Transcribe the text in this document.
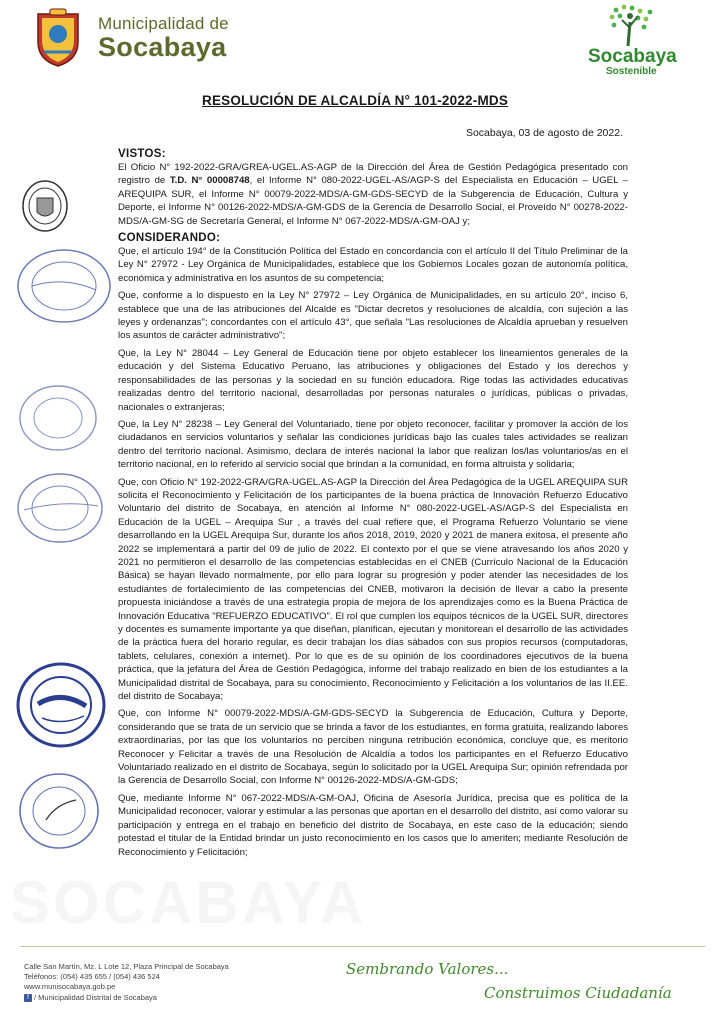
Municipalidad de
Socabaya	Socabaya
Sostenible
RESOLUCIÓN DE ALCALDÍA N° 101-2022-MDS
Socabaya, 03 de agosto de 2022.

VISTOS:

El Oficio N° 192-2022-GRA/GREA-UGEL.AS-AGP de la Dirección del Área de Gestión Pedagógica presentado con registro de T.D. N° 00008748, el Informe N° 080-2022-UGEL-AS/AGP-S del Especialista en Educación – UGEL – AREQUIPA SUR, el Informe N° 00079-2022-MDS/A-GM-GDS-SECYD de la Subgerencia de Educación, Cultura y Deporte, el Informe N° 00126-2022-MDS/A-GM-GDS de la Gerencia de Desarrollo Social, el Proveído N° 00278-2022-MDS/A-GM-SG de Secretaría General, el Informe N° 067-2022-MDS/A-GM-OAJ y;

CONSIDERANDO:

Que, el artículo 194° de la Constitución Política del Estado en concordancia con el artículo II del Título Preliminar de la Ley N° 27972 - Ley Orgánica de Municipalidades, establece que los Gobiernos Locales gozan de autonomía política, económica y administrativa en los asuntos de su competencia;

Que, conforme a lo dispuesto en la Ley N° 27972 – Ley Orgánica de Municipalidades, en su artículo 20°, inciso 6, establece que una de las atribuciones del Alcalde es "Dictar decretos y resoluciones de alcaldía, con sujeción a las leyes y ordenanzas"; concordantes con el artículo 43°, que señala "Las resoluciones de Alcaldía aprueban y resuelven los asuntos de carácter administrativo";

Que, la Ley N° 28044 – Ley General de Educación tiene por objeto establecer los lineamientos generales de la educación y del Sistema Educativo Peruano, las atribuciones y obligaciones del Estado y los derechos y responsabilidades de las personas y la sociedad en su función educadora. Rige todas las actividades educativas realizadas dentro del territorio nacional, desarrolladas por personas naturales o jurídicas, públicas o privadas, nacionales o extranjeras;

Que, la Ley N° 28238 – Ley General del Voluntariado, tiene por objeto reconocer, facilitar y promover la acción de los ciudadanos en servicios voluntarios y señalar las condiciones jurídicas bajo las cuales tales actividades se realizan dentro del territorio nacional. Asimismo, declara de interés nacional la labor que realizan los/las voluntarios/as en el territorio nacional, en lo referido al servicio social que brindan a la comunidad, en forma altruista y solidaria;

Que, con Oficio N° 192-2022-GRA/GRA-UGEL.AS-AGP la Dirección del Área Pedagógica de la UGEL AREQUIPA SUR solicita el Reconocimiento y Felicitación de los participantes de la buena práctica de Innovación Refuerzo Educativo Voluntario del distrito de Socabaya, en atención al Informe N° 080-2022-UGEL-AS/AGP-S del Especialista en Educación de la UGEL – Arequipa Sur , a través del cual refiere que, el Programa Refuerzo Voluntario se viene desarrollando en la UGEL Arequipa Sur, durante los años 2018, 2019, 2020 y 2021 de manera exitosa, el presente año 2022 se implementará a partir del 09 de julio de 2022. El contexto por el que se viene atravesando los años 2020 y 2021 no permitieron el desarrollo de las competencias establecidas en el CNEB (Currículo Nacional de la Educación Básica) se hayan llevado normalmente, por ello para lograr su progresión y poder atender las necesidades de los estudiantes de fortalecimiento de las competencias del CNEB, motivaron la decisión de llevar a cabo la presente propuesta iniciándose a través de una estrategia propia de mejora de los aprendizajes como es la Buena Práctica de Innovación Educativa "REFUERZO EDUCATIVO". El rol que cumplen los equipos técnicos de la UGEL SUR, directores y docentes es sumamente importante ya que diseñan, planifican, ejecutan y monitorean el desarrollo de las actividades de la práctica fuera del horario regular, es decir trabajan los días sábados con sus propios recursos (computadoras, tablets, celulares, conexión a internet). Por lo que es de su opinión de los coordinadores ejecutivos de la buena práctica, que la jefatura del Área de Gestión Pedagógica, informe del trabajo realizado en bien de los estudiantes a la Municipalidad distrital de Socabaya, para su conocimiento, Reconocimiento y Felicitación a los voluntarios de las II.EE. del distrito de Socabaya;

Que, con Informe N° 00079-2022-MDS/A-GM-GDS-SECYD la Subgerencia de Educación, Cultura y Deporte, considerando que se trata de un servicio que se brinda a favor de los estudiantes, en forma gratuita, realizando labores extraordinarias, por las que los voluntarios no perciben ninguna retribución económica, concluye que, es meritorio Reconocer y Felicitar a través de una Resolución de Alcaldía a todos los participantes en el Refuerzo Educativo Voluntariado realizado en el distrito de Socabaya, según lo solicitado por la UGEL Arequipa Sur; opinión refrendada por la Gerencia de Desarrollo Social, con Informe N° 00126-2022-MDS/A-GM-GDS;

Que, mediante Informe N° 067-2022-MDS/A-GM-OAJ, Oficina de Asesoría Jurídica, precisa que es política de la Municipalidad reconocer, valorar y estimular a las personas que aportan en el desarrollo del distrito, así como valorar su participación y entrega en el trabajo en beneficio del distrito de Socabaya, en este caso de la educación; siendo potestad el titular de la Entidad brindar un justo reconocimiento en los casos que lo ameriten; mediante Resolución de Reconocimiento y Felicitación;

SOCABAYA
Calle San Martín, Mz. L Lote 12, Plaza Principal de Socabaya
Teléfonos: (054) 435 655 / (054) 436 524
www.munisocabaya.gob.pe
f / Municipalidad Distrital de Socabaya
Sembrando Valores...
Construimos Ciudadanía
